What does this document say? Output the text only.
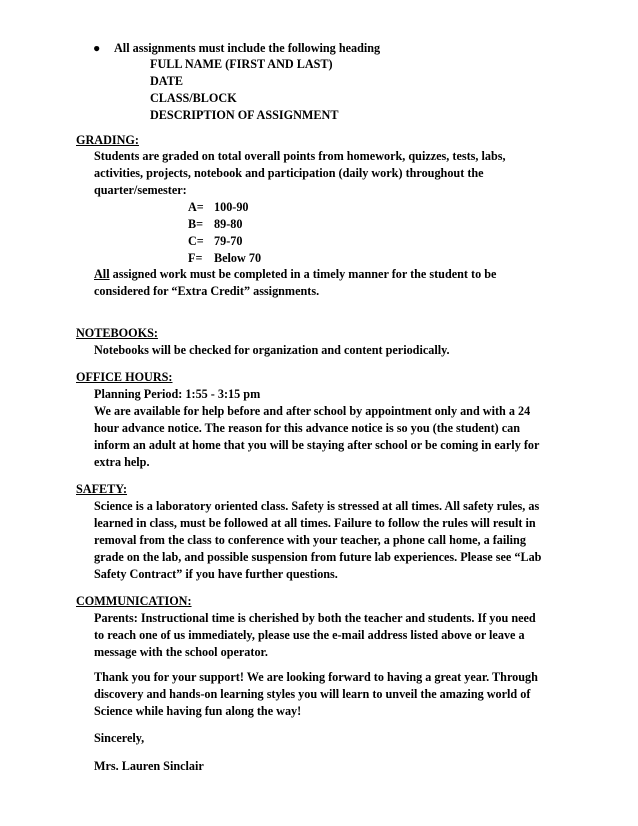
● All assignments must include the following heading
FULL NAME (FIRST AND LAST)
DATE
CLASS/BLOCK
DESCRIPTION OF ASSIGNMENT
GRADING:
Students are graded on total overall points from homework, quizzes, tests, labs,
activities, projects, notebook and participation (daily work) throughout the
quarter/semester:
A= 100-90
B= 89-80
C= 79-70
F= Below 70
All assigned work must be completed in a timely manner for the student to be
considered for “Extra Credit” assignments.
NOTEBOOKS:
Notebooks will be checked for organization and content periodically.
OFFICE HOURS:
Planning Period: 1:55 - 3:15 pm
We are available for help before and after school by appointment only and with a 24
hour advance notice. The reason for this advance notice is so you (the student) can
inform an adult at home that you will be staying after school or be coming in early for
extra help.
SAFETY:
Science is a laboratory oriented class. Safety is stressed at all times. All safety rules, as
learned in class, must be followed at all times. Failure to follow the rules will result in
removal from the class to conference with your teacher, a phone call home, a failing
grade on the lab, and possible suspension from future lab experiences. Please see “Lab
Safety Contract” if you have further questions.
COMMUNICATION:
Parents: Instructional time is cherished by both the teacher and students. If you need
to reach one of us immediately, please use the e-mail address listed above or leave a
message with the school operator.
Thank you for your support! We are looking forward to having a great year. Through
discovery and hands-on learning styles you will learn to unveil the amazing world of
Science while having fun along the way!
Sincerely,
Mrs. Lauren Sinclair
